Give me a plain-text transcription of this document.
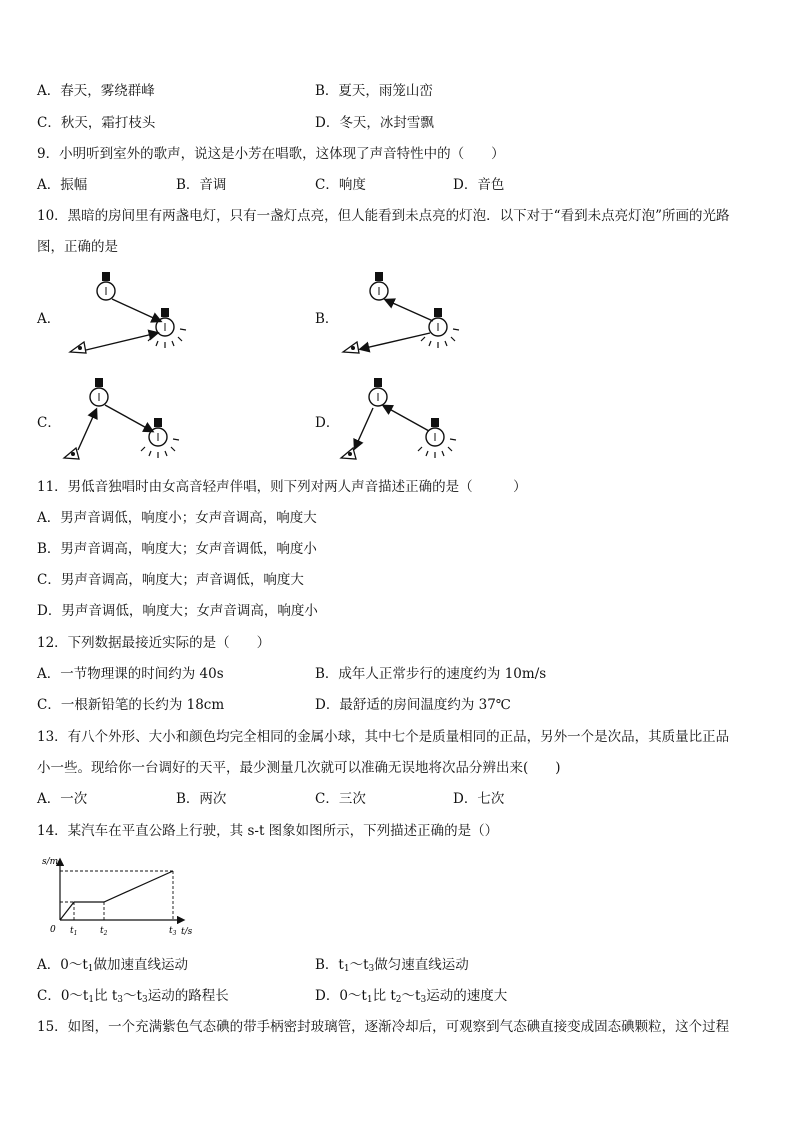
A．春天，雾绕群峰	B．夏天，雨笼山峦
C．秋天，霜打枝头	D．冬天，冰封雪飘
9．小明听到室外的歌声，说这是小芳在唱歌，这体现了声音特性中的（　　）
A．振幅	B．音调	C．响度	D．音色
10．黑暗的房间里有两盏电灯，只有一盏灯点亮，但人能看到未点亮的灯泡．以下对于“看到未点亮灯泡”所画的光路
图，正确的是
A．	B．
C．	D．
11．男低音独唱时由女高音轻声伴唱，则下列对两人声音描述正确的是（　　　）
A．男声音调低，响度小；女声音调高，响度大
B．男声音调高，响度大；女声音调低，响度小
C．男声音调高，响度大；声音调低，响度大
D．男声音调低，响度大；女声音调高，响度小
12．下列数据最接近实际的是（　　）
A．一节物理课的时间约为 40s	B．成年人正常步行的速度约为 10m/s
C．一根新铅笔的长约为 18cm	D．最舒适的房间温度约为 37℃
13．有八个外形、大小和颜色均完全相同的金属小球，其中七个是质量相同的正品，另外一个是次品，其质量比正品
小一些。现给你一台调好的天平，最少测量几次就可以准确无误地将次品分辨出来(　　)
A．一次	B．两次	C．三次	D．七次
14．某汽车在平直公路上行驶，其 s-t 图象如图所示，下列描述正确的是（）
s/m
t/s
0 $t_1$	$t_2$	$t_3$
A．$0\sim t_1$做加速直线运动	B．$t_1\sim t_3$做匀速直线运动
C．$0\sim t_1$比 $t_3\sim t_3$运动的路程长	D．$0\sim t_1$比 $t_2\sim t_3$运动的速度大
15．如图，一个充满紫色气态碘的带手柄密封玻璃管，逐渐冷却后，可观察到气态碘直接变成固态碘颗粒，这个过程
